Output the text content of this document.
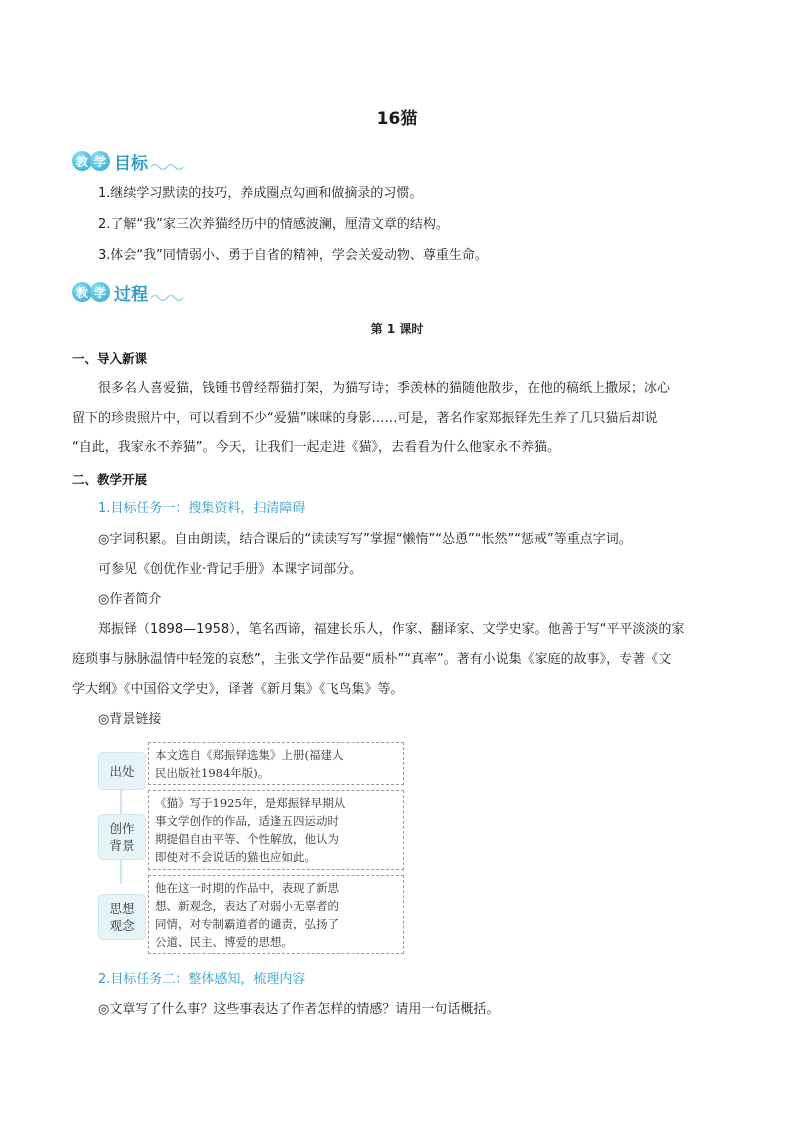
16猫
教 学 目标
1.继续学习默读的技巧，养成圈点勾画和做摘录的习惯。
2.了解“我”家三次养猫经历中的情感波澜，厘清文章的结构。
3.体会“我”同情弱小、勇于自省的精神，学会关爱动物、尊重生命。
教 学 过程
第 1 课时
一、导入新课
很多名人喜爱猫，钱锺书曾经帮猫打架，为猫写诗；季羡林的猫随他散步，在他的稿纸上撒尿；冰心
留下的珍贵照片中，可以看到不少“爱猫”咪咪的身影……可是，著名作家郑振铎先生养了几只猫后却说
“自此，我家永不养猫”。今天，让我们一起走进《猫》，去看看为什么他家永不养猫。
二、教学开展
1.目标任务一：搜集资料，扫清障碍
◎字词积累。自由朗读，结合课后的“读读写写”掌握“懒惰”“怂恿”“怅然”“惩戒”等重点字词。
可参见《创优作业·背记手册》本课字词部分。
◎作者简介
郑振铎（1898—1958），笔名西谛，福建长乐人，作家、翻译家、文学史家。他善于写“平平淡淡的家
庭琐事与脉脉温情中轻笼的哀愁”，主张文学作品要“质朴”“真率”。著有小说集《家庭的故事》，专著《文
学大纲》《中国俗文学史》，译著《新月集》《飞鸟集》等。
◎背景链接
出处
创作
背景
思想
观念
本文选自《郑振铎选集》上册(福建人
民出版社1984年版)。
《猫》写于1925年，是郑振铎早期从
事文学创作的作品，适逢五四运动时
期提倡自由平等、个性解放，他认为
即使对不会说话的猫也应如此。
他在这一时期的作品中，表现了新思
想、新观念，表达了对弱小无辜者的
同情，对专制霸道者的谴责，弘扬了
公道、民主、博爱的思想。
2.目标任务二：整体感知，梳理内容
◎文章写了什么事？这些事表达了作者怎样的情感？请用一句话概括。
